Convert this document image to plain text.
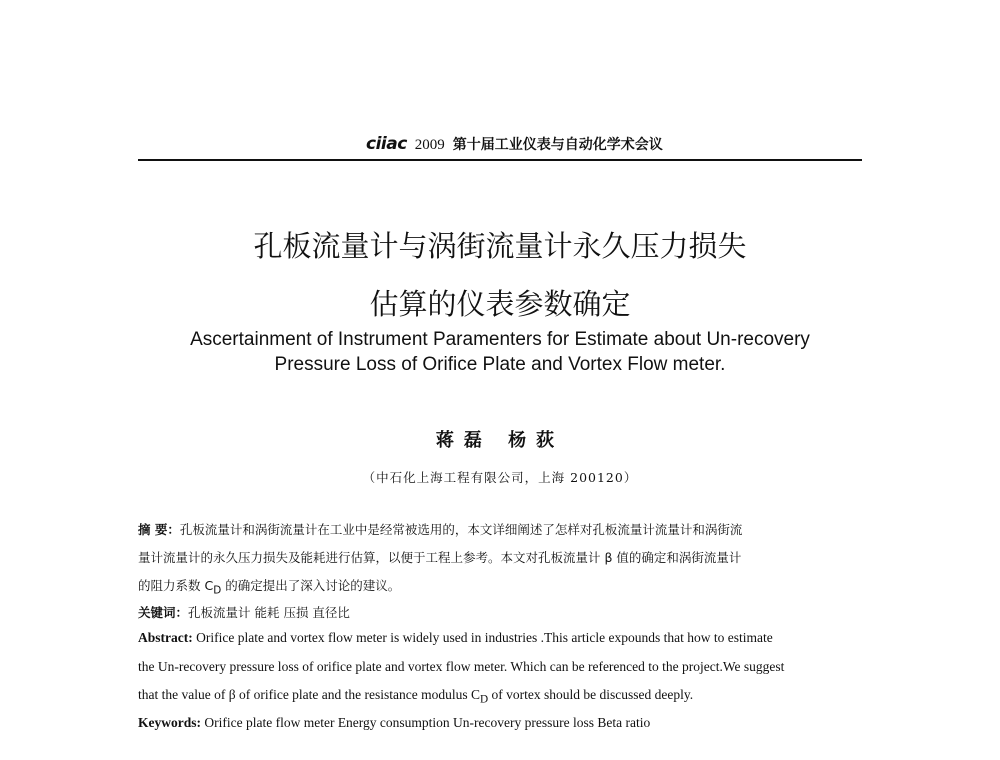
ciiac 2009 第十届工业仪表与自动化学术会议
孔板流量计与涡街流量计永久压力损失
估算的仪表参数确定
Ascertainment of Instrument Paramenters for Estimate about Un-recovery
Pressure Loss of Orifice Plate and Vortex Flow meter.
蒋磊 杨荻
（中石化上海工程有限公司，上海 200120）
摘 要：孔板流量计和涡街流量计在工业中是经常被选用的，本文详细阐述了怎样对孔板流量计流量计和涡街流
量计流量计的永久压力损失及能耗进行估算，以便于工程上参考。本文对孔板流量计 β 值的确定和涡街流量计
的阻力系数 $C_D$ 的确定提出了深入讨论的建议。
关键词：孔板流量计 能耗 压损 直径比
Abstract: Orifice plate and vortex flow meter is widely used in industries .This article expounds that how to estimate
the Un-recovery pressure loss of orifice plate and vortex flow meter. Which can be referenced to the project.We suggest
that the value of β of orifice plate and the resistance modulus $C_D$ of vortex should be discussed deeply.
Keywords: Orifice plate flow meter Energy consumption Un-recovery pressure loss Beta ratio
